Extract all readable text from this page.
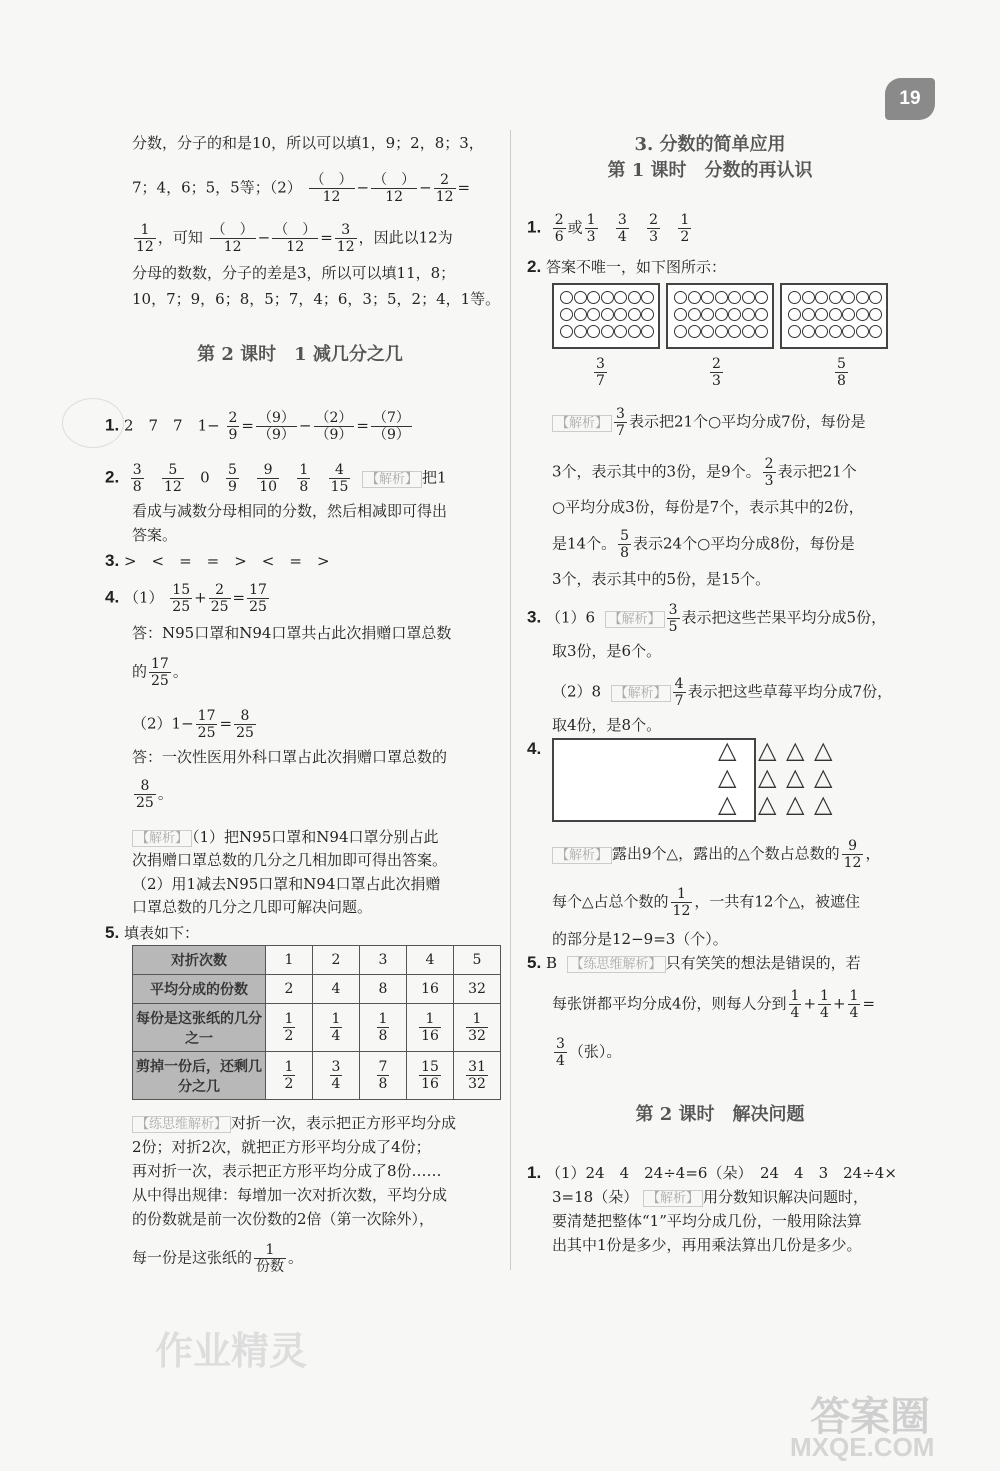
19
分数，分子的和是10，所以可以填1，9；2，8；3，
7；4，6；5，5等；$(2) \frac{( )}{12} - \frac{( )}{12} - \frac{2}{12}$ =
$\frac{1}{12}$ ，可知 $\frac{( )}{12} - \frac{( )}{12} = \frac{3}{12}$ ，因此以12为
分母的数数，分子的差是3，所以可以填11，8；
10，7；9，6；8，5；7，4；6，3；5，2；4，1等。
第 2 课时　1 减几分之几
1. 2　7　7　$1- \frac{2}{9} = \frac{(9)}{(9)} - \frac{(2)}{(9)} = \frac{(7)}{(9)}$
2. $\frac{3}{8}$
$\frac{5}{12} 0 \frac{5}{9}$
$\frac{9}{10}$
$\frac{1}{8}$
$\frac{4}{15}$ 【解析】 把1
看成与减数分母相同的分数，然后相减即可得出
答案。
3. >　<　=　=　>　<　=　>
4. $(1) \frac{15}{25} + \frac{2}{25} = \frac{17}{25}$
答：N95口罩和N94口罩共占此次捐赠口罩总数
的 $\frac{17}{25}$ 。
$(2)1- \frac{17}{25} = \frac{8}{25}$
答：一次性医用外科口罩占此次捐赠口罩总数的
$\frac{8}{25}$ 。
【解析】 （1）把N95口罩和N94口罩分别占此
次捐赠口罩总数的几分之几相加即可得出答案。
（2）用1减去N95口罩和N94口罩占此次捐赠
口罩总数的几分之几即可解决问题。
5. 填表如下：
对折次数	1	2	3	4	5
平均分成的份数	2	4	8	16	32
每份是这张纸的几分之一	$\frac{1}{2}$	$\frac{1}{4}$	$\frac{1}{8}$	$\frac{1}{16}$	$\frac{1}{32}$

剪掉一份后，还剩几分之几	$\frac{1}{2}$	$\frac{3}{4}$	$\frac{7}{8}$	$\frac{15}{16}$	$\frac{31}{32}$
【练思维解析】 对折一次，表示把正方形平均分成
2份；对折2次，就把正方形平均分成了4份；
再对折一次，表示把正方形平均分成了8份……
从中得出规律：每增加一次对折次数，平均分成
的份数就是前一次份数的2倍（第一次除外），
每一份是这张纸的 $\frac{1}{\text{份数}}$ 。
作业精灵
3. 分数的简单应用
第 1 课时　分数的再认识
1. $\frac{2}{6}$ 或 $\frac{1}{3}$
$\frac{3}{4}$
$\frac{2}{3}$
$\frac{1}{2}$
2. 答案不唯一，如下图所示：
$\frac{3}{7}$	$\frac{2}{3}$	$\frac{5}{8}$
【解析】 $\frac{3}{7}$ 表示把21个○平均分成7份，每份是
3个，表示其中的3份，是9个。 $\frac{2}{3}$ 表示把21个
○平均分成3份，每份是7个，表示其中的2份，
是14个。 $\frac{5}{8}$ 表示24个○平均分成8份，每份是
3个，表示其中的5份，是15个。
3. （1）6 【解析】 $\frac{3}{5}$ 表示把这些芒果平均分成5份，
取3份，是6个。
（2）8 【解析】 $\frac{4}{7}$ 表示把这些草莓平均分成7份，
取4份，是8个。
4.	△ △ △ △
△ △ △ △
△ △ △ △
【解析】 露出9个△，露出的△个数占总数的 $\frac{9}{12}$ ，
每个△占总个数的 $\frac{1}{12}$ ，一共有12个△，被遮住
的部分是12−9=3（个）。
5. B 【练思维解析】 只有笑笑的想法是错误的，若
每张饼都平均分成4份，则每人分到 $\frac{1}{4} + \frac{1}{4} + \frac{1}{4}$ =
$\frac{3}{4}$ （张）。
第 2 课时　解决问题
1. （1）24　4　24÷4=6（朵）　24　4　3　24÷4×
3=18（朵） 【解析】 用分数知识解决问题时，
要清楚把整体“1”平均分成几份，一般用除法算
出其中1份是多少，再用乘法算出几份是多少。
答案圈
MXQE.COM
